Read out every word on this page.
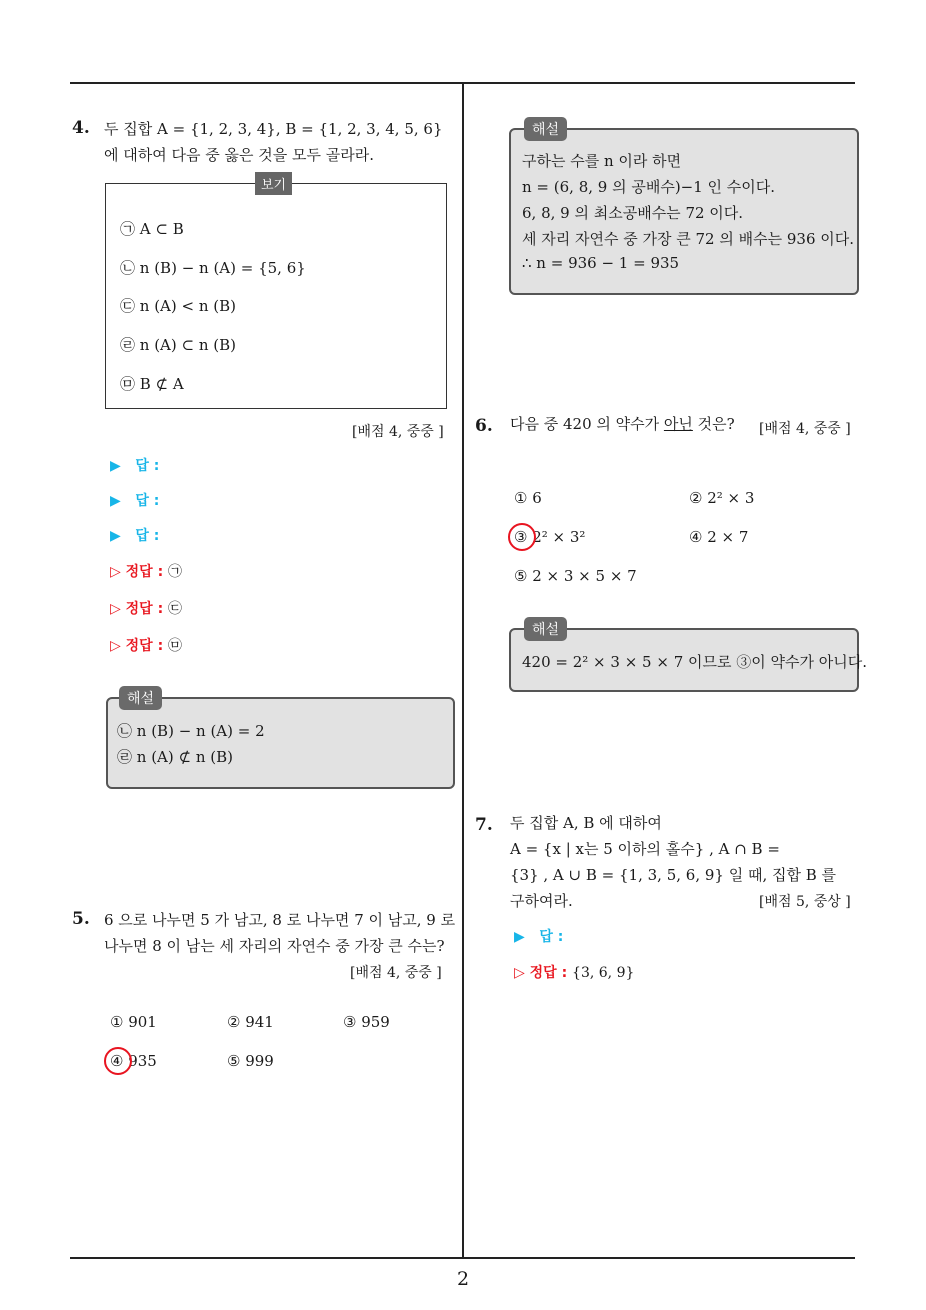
4. 두 집합 A = {1, 2, 3, 4}, B = {1, 2, 3, 4, 5, 6}
에 대하여 다음 중 옳은 것을 모두 골라라.
보기
㉠ A ⊂ B
㉡ n (B) − n (A) = {5, 6}
㉢ n (A) < n (B)
㉣ n (A) ⊂ n (B)
㉤ B ⊄ A
[배점 4, 중중 ]
▶   답 :
▶   답 :
▶   답 :
▷ 정답 : ㉠
▷ 정답 : ㉢
▷ 정답 : ㉤
해설
㉡ n (B) − n (A) = 2
㉣ n (A) ⊄ n (B)
5. 6 으로 나누면 5 가 남고, 8 로 나누면 7 이 남고, 9 로
나누면 8 이 남는 세 자리의 자연수 중 가장 큰 수는?
[배점 4, 중중 ]
① 901	② 941	③ 959
④ 935	⑤ 999
해설
구하는 수를 n 이라 하면
n = (6, 8, 9 의 공배수)−1 인 수이다.
6, 8, 9 의 최소공배수는 72 이다.
세 자리 자연수 중 가장 큰 72 의 배수는 936 이다.
∴ n = 936 − 1 = 935
6. 다음 중 420 의 약수가 아닌 것은? [배점 4, 중중 ]
① 6	② 2² × 3
③ 2² × 3²	④ 2 × 7
⑤ 2 × 3 × 5 × 7
해설
420 = 2² × 3 × 5 × 7 이므로 ③이 약수가 아니다.
7. 두 집합 A, B 에 대하여
A = {x | x는 5 이하의 홀수} , A ∩ B =
{3} , A ∪ B = {1, 3, 5, 6, 9} 일 때, 집합 B 를
구하여라.	[배점 5, 중상 ]
▶   답 :
▷ 정답 : {3, 6, 9}
2
